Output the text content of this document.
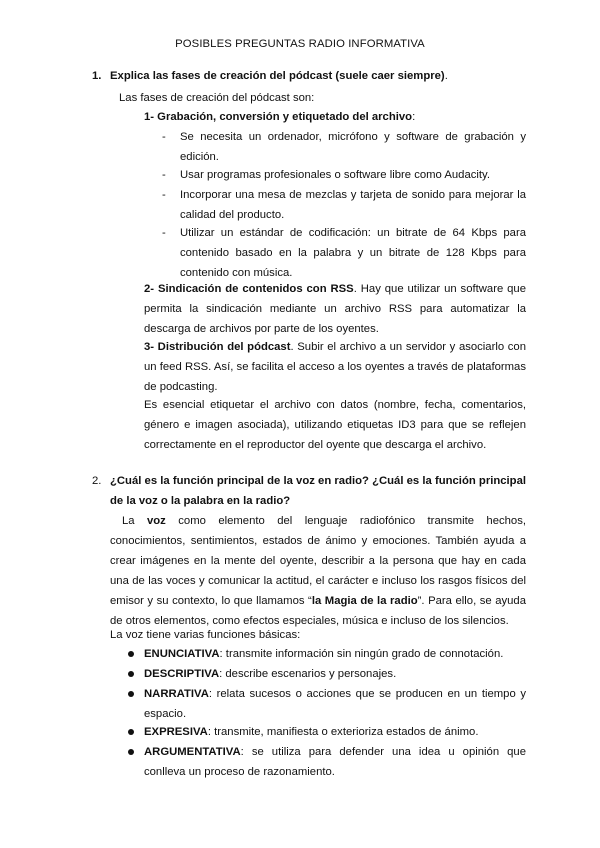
POSIBLES PREGUNTAS RADIO INFORMATIVA
1. Explica las fases de creación del pódcast (suele caer siempre).
Las fases de creación del pódcast son:
1- Grabación, conversión y etiquetado del archivo:
- Se necesita un ordenador, micrófono y software de grabación y edición.
- Usar programas profesionales o software libre como Audacity.
- Incorporar una mesa de mezclas y tarjeta de sonido para mejorar la calidad del producto.
- Utilizar un estándar de codificación: un bitrate de 64 Kbps para contenido basado en la palabra y un bitrate de 128 Kbps para contenido con música.
2- Sindicación de contenidos con RSS. Hay que utilizar un software que permita la sindicación mediante un archivo RSS para automatizar la descarga de archivos por parte de los oyentes.
3- Distribución del pódcast. Subir el archivo a un servidor y asociarlo con un feed RSS. Así, se facilita el acceso a los oyentes a través de plataformas de podcasting.
Es esencial etiquetar el archivo con datos (nombre, fecha, comentarios, género e imagen asociada), utilizando etiquetas ID3 para que se reflejen correctamente en el reproductor del oyente que descarga el archivo.
2. ¿Cuál es la función principal de la voz en radio? ¿Cuál es la función principal de la voz o la palabra en la radio?
La voz como elemento del lenguaje radiofónico transmite hechos, conocimientos, sentimientos, estados de ánimo y emociones. También ayuda a crear imágenes en la mente del oyente, describir a la persona que hay en cada una de las voces y comunicar la actitud, el carácter e incluso los rasgos físicos del emisor y su contexto, lo que llamamos “la Magia de la radio”. Para ello, se ayuda de otros elementos, como efectos especiales, música e incluso de los silencios.
La voz tiene varias funciones básicas:
ENUNCIATIVA: transmite información sin ningún grado de connotación.
DESCRIPTIVA: describe escenarios y personajes.
NARRATIVA: relata sucesos o acciones que se producen en un tiempo y espacio.
EXPRESIVA: transmite, manifiesta o exterioriza estados de ánimo.
ARGUMENTATIVA: se utiliza para defender una idea u opinión que conlleva un proceso de razonamiento.
